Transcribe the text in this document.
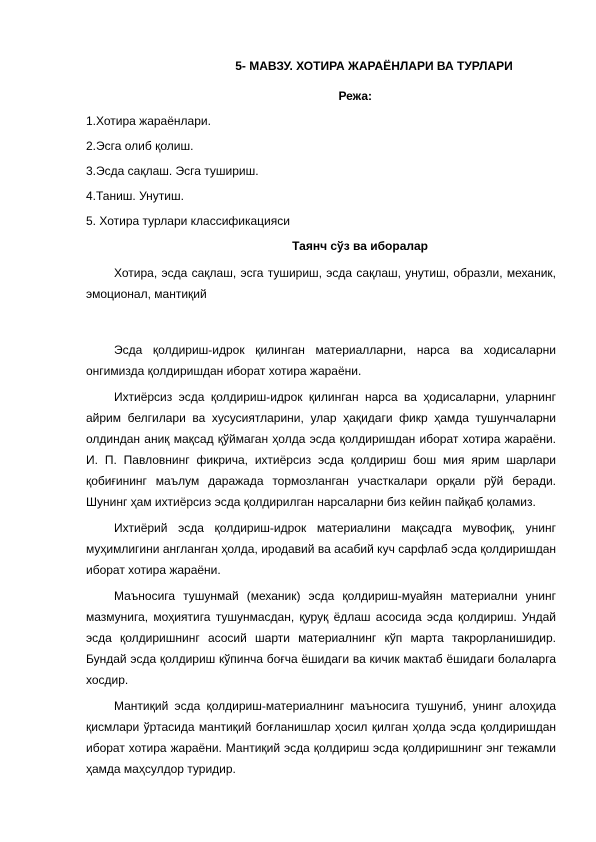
5- МАВЗУ. ХОТИРА ЖАРАЁНЛАРИ ВА ТУРЛАРИ
Режа:
1.Хотира жараёнлари.
2.Эсга олиб қолиш.
3.Эсда сақлаш. Эсга тушириш.
4.Таниш. Унутиш.
5. Хотира турлари классификацияси
Таянч сўз ва иборалар

Хотира, эсда сақлаш, эсга тушириш, эсда сақлаш, унутиш, образли, механик, эмоционал, мантиқий

Эсда қолдириш-идрок қилинган материалларни, нарса ва ходисаларни онгимизда қолдиришдан иборат хотира жараёни.

Ихтиёрсиз эсда қолдириш-идрок қилинган нарса ва ҳодисаларни, уларнинг айрим белгилари ва хусусиятларини, улар ҳақидаги фикр ҳамда тушунчаларни олдиндан аниқ мақсад қўймаган ҳолда эсда қолдиришдан иборат хотира жараёни. И. П. Павловнинг фикрича, ихтиёрсиз эсда қолдириш бош мия ярим шарлари қобиғининг маълум даражада тормозланган участкалари орқали рўй беради. Шунинг ҳам ихтиёрсиз эсда қолдирилган нарсаларни биз кейин пайқаб қоламиз.

Ихтиёрий эсда қолдириш-идрок материалини мақсадга мувофиқ, унинг муҳимлигини англанган ҳолда, иродавий ва асабий куч сарфлаб эсда қолдиришдан иборат хотира жараёни.

Маъносига тушунмай (механик) эсда қолдириш-муайян материални унинг мазмунига, моҳиятига тушунмасдан, қуруқ ёдлаш асосида эсда қолдириш. Ундай эсда қолдиришнинг асосий шарти материалнинг кўп марта такрорланишидир. Бундай эсда қолдириш кўпинча боғча ёшидаги ва кичик мактаб ёшидаги болаларга хосдир.

Мантиқий эсда қолдириш-материалнинг маъносига тушуниб, унинг алоҳида қисмлари ўртасида мантиқий боғланишлар ҳосил қилган ҳолда эсда қолдиришдан иборат хотира жараёни. Мантиқий эсда қолдириш эсда қолдиришнинг энг тежамли ҳамда маҳсулдор туридир.
